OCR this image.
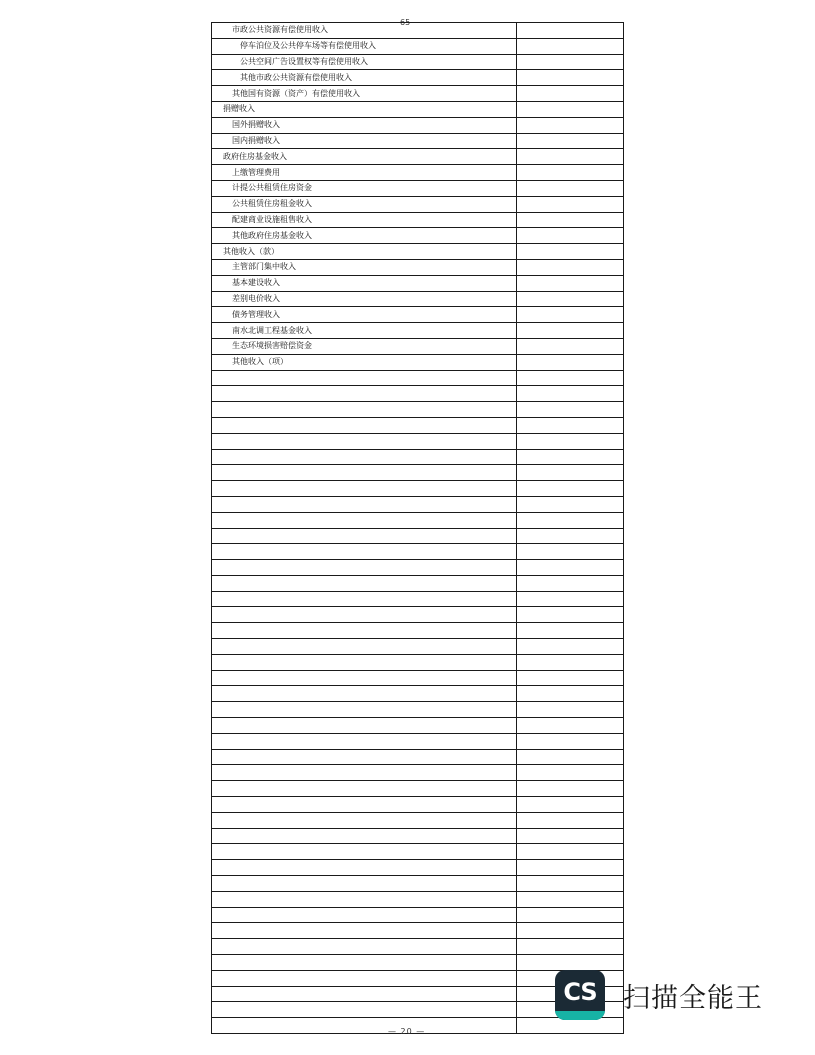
65
市政公共资源有偿使用收入	
停车泊位及公共停车场等有偿使用收入	
公共空间广告设置权等有偿使用收入	
其他市政公共资源有偿使用收入	
其他国有资源（资产）有偿使用收入	
捐赠收入	
国外捐赠收入	
国内捐赠收入	
政府住房基金收入	
上缴管理费用	
计提公共租赁住房资金	
公共租赁住房租金收入	
配建商业设施租售收入	
其他政府住房基金收入	
其他收入（款）	
主管部门集中收入	
基本建设收入	
差别电价收入	
债务管理收入	
南水北调工程基金收入	
生态环境损害赔偿资金	
其他收入（项）	

— 20 —
CS 扫描全能王
